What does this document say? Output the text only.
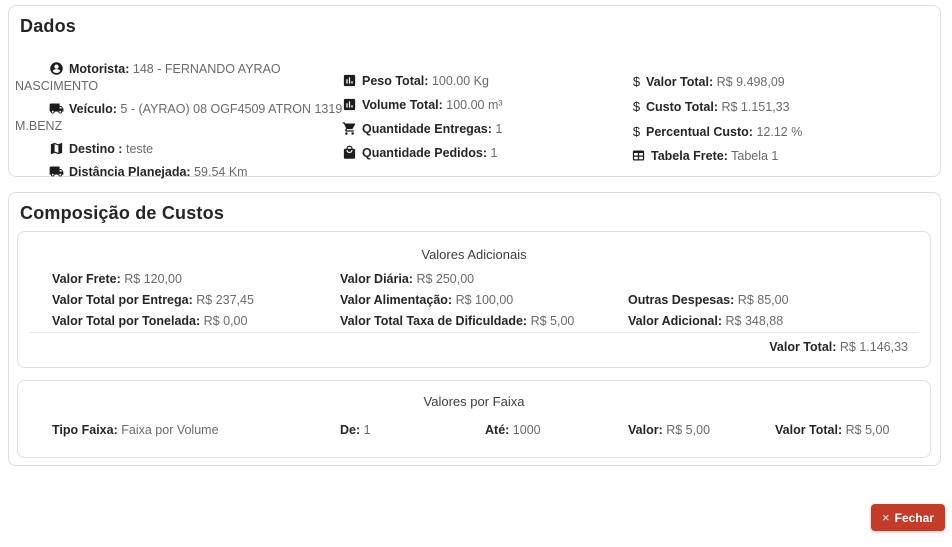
Dados
Motorista: 148 - FERNANDO AYRAO NASCIMENTO
Veículo: 5 - (AYRAO) 08 OGF4509 ATRON 1319 M.BENZ
Destino : teste
Distância Planejada: 59.54 Km
Peso Total: 100.00 Kg
Volume Total: 100.00 m³
Quantidade Entregas: 1
Quantidade Pedidos: 1
$ Valor Total: R$ 9.498,09
$ Custo Total: R$ 1.151,33
$ Percentual Custo: 12.12 %
Tabela Frete: Tabela 1
Composição de Custos
Valores Adicionais
Valor Frete: R$ 120,00	Valor Diária: R$ 250,00
Valor Total por Entrega: R$ 237,45	Valor Alimentação: R$ 100,00	Outras Despesas: R$ 85,00
Valor Total por Tonelada: R$ 0,00	Valor Total Taxa de Dificuldade: R$ 5,00	Valor Adicional: R$ 348,88
Valor Total: R$ 1.146,33
Valores por Faixa
Tipo Faixa: Faixa por Volume	De: 1	Até: 1000	Valor: R$ 5,00	Valor Total: R$ 5,00
× Fechar
